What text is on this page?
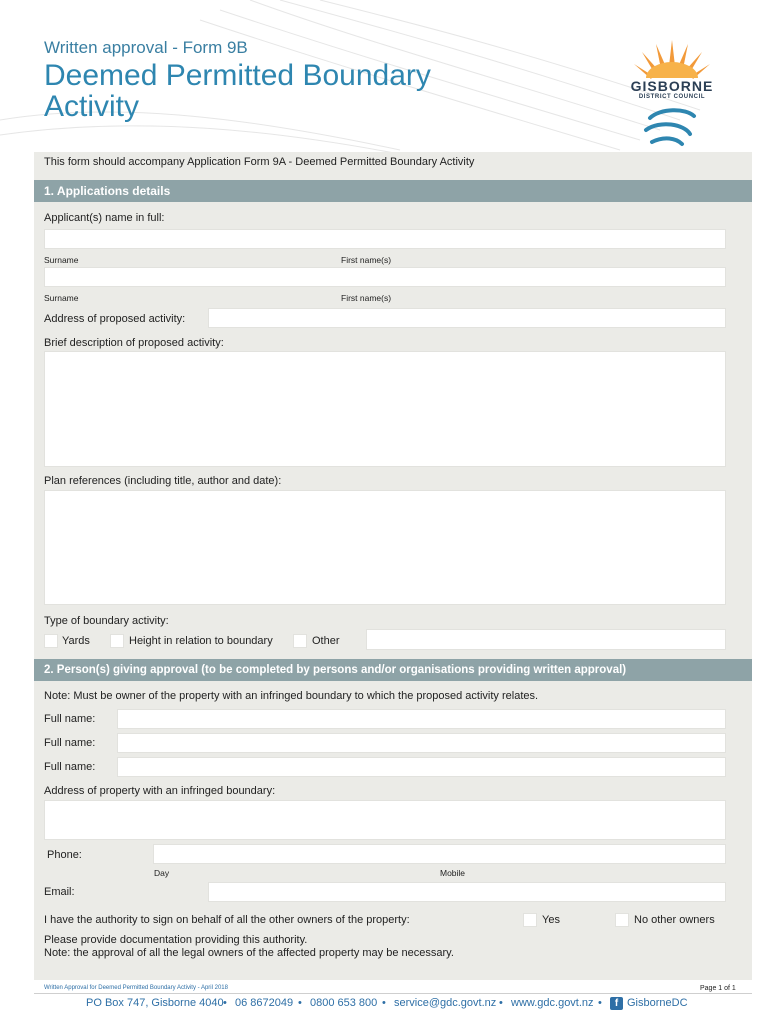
Written approval - Form 9B
Deemed Permitted Boundary
Activity
GISBORNE
DISTRICT COUNCIL
This form should accompany Application Form 9A - Deemed Permitted Boundary Activity
1. Applications details
Applicant(s) name in full:
Surname	First name(s)
Surname	First name(s)
Address of proposed activity:
Brief description of proposed activity:
Plan references (including title, author and date):
Type of boundary activity:
Yards	Height in relation to boundary	Other
2. Person(s) giving approval (to be completed by persons and/or organisations providing written approval)
Note: Must be owner of the property with an infringed boundary to which the proposed activity relates.
Full name:
Full name:
Full name:
Address of property with an infringed boundary:
Phone:
Day	Mobile
Email:
I have the authority to sign on behalf of all the other owners of the property:	Yes	No other owners
Please provide documentation providing this authority.
Note: the approval of all the legal owners of the affected property may be necessary.
Written Approval for Deemed Permitted Boundary Activity - April 2018	Page 1 of 1
PO Box 747, Gisborne 4040 • 06 8672049 • 0800 653 800 • service@gdc.govt.nz • www.gdc.govt.nz • GisborneDC
f
